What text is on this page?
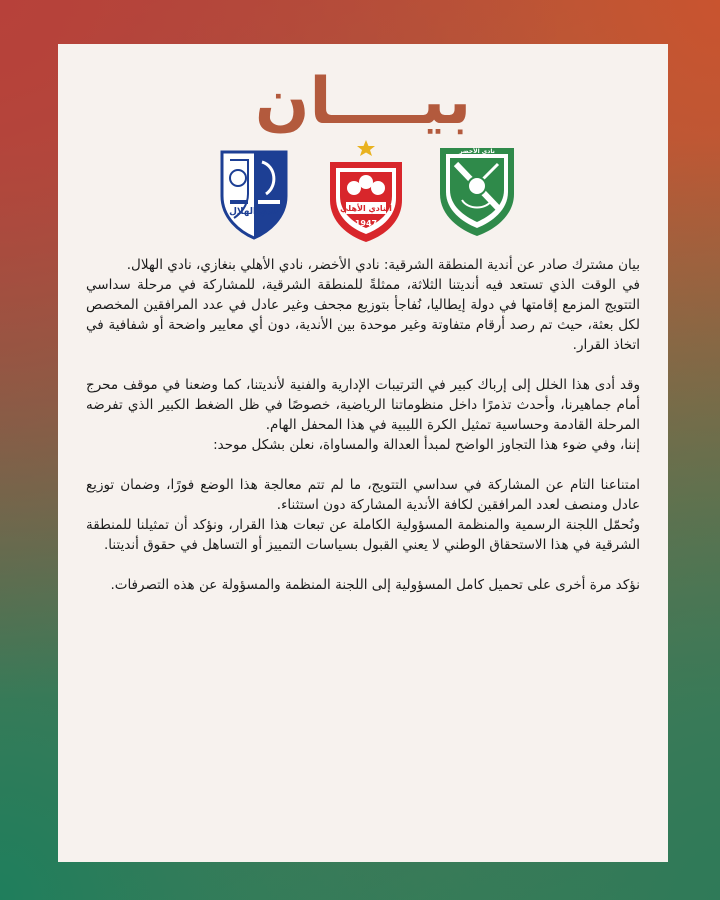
بيــــان
نادي الهلال	النادي الأهلي
1947
نادي الأخضر

بيان مشترك صادر عن أندية المنطقة الشرقية: نادي الأخضر، نادي الأهلي بنغازي، نادي الهلال.

في الوقت الذي تستعد فيه أنديتنا الثلاثة، ممثلةً للمنطقة الشرقية، للمشاركة في مرحلة سداسي التتويج المزمع إقامتها في دولة إيطاليا، نُفاجأ بتوزيع مجحف وغير عادل في عدد المرافقين المخصص لكل بعثة، حيث تم رصد أرقام متفاوتة وغير موحدة بين الأندية، دون أي معايير واضحة أو شفافية في اتخاذ القرار.

وقد أدى هذا الخلل إلى إرباك كبير في الترتيبات الإدارية والفنية لأنديتنا، كما وضعنا في موقف محرج أمام جماهيرنا، وأحدث تذمرًا داخل منظوماتنا الرياضية، خصوصًا في ظل الضغط الكبير الذي تفرضه المرحلة القادمة وحساسية تمثيل الكرة الليبية في هذا المحفل الهام.

إننا، وفي ضوء هذا التجاوز الواضح لمبدأ العدالة والمساواة، نعلن بشكل موحد:

امتناعنا التام عن المشاركة في سداسي التتويج، ما لم تتم معالجة هذا الوضع فورًا، وضمان توزيع عادل ومنصف لعدد المرافقين لكافة الأندية المشاركة دون استثناء.

ونُحمّل اللجنة الرسمية والمنظمة المسؤولية الكاملة عن تبعات هذا القرار، ونؤكد أن تمثيلنا للمنطقة الشرقية في هذا الاستحقاق الوطني لا يعني القبول بسياسات التمييز أو التساهل في حقوق أنديتنا.

نؤكد مرة أخرى على تحميل كامل المسؤولية إلى اللجنة المنظمة والمسؤولة عن هذه التصرفات.
